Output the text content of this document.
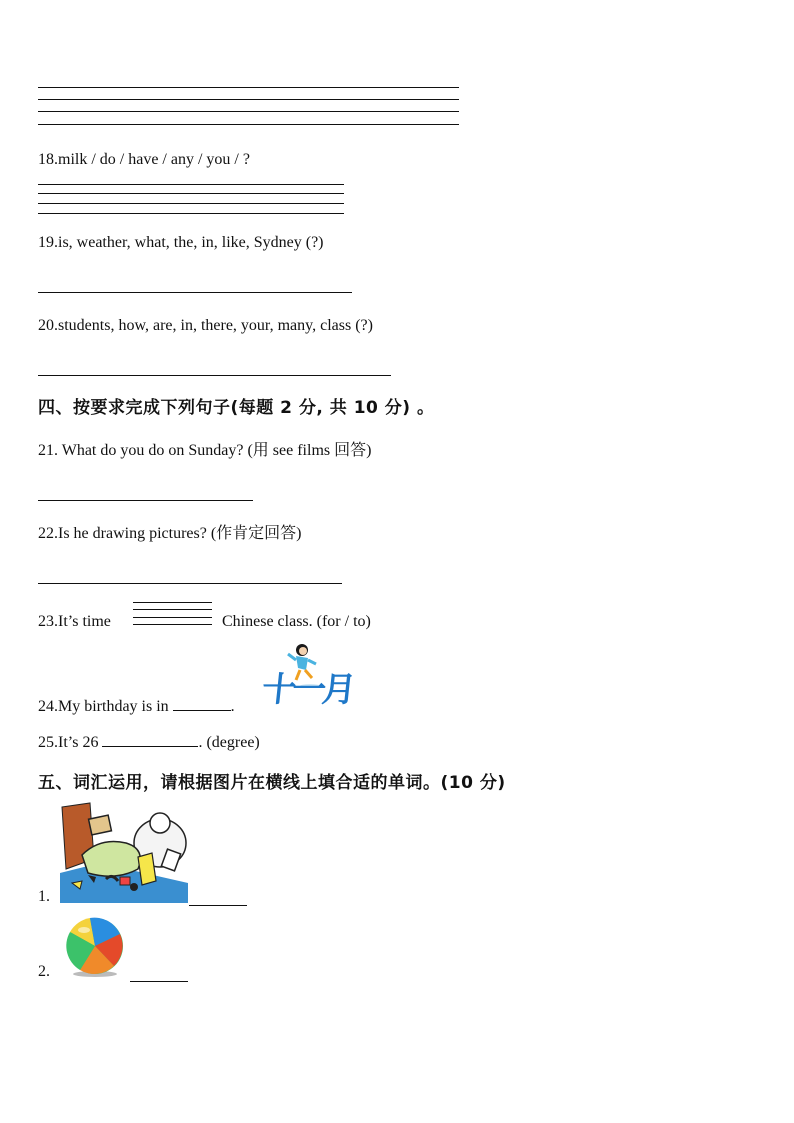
18.milk / do / have / any / you / ?
19.is, weather, what, the, in, like, Sydney (?)
20.students, how, are, in, there, your, many, class (?)
四、按要求完成下列句子(每题 2 分, 共 10 分) 。
21. What do you do on Sunday? (用 see films 回答)
22.Is he drawing pictures? (作肯定回答)
23.It’s time	Chinese class. (for / to)
24.My birthday is in	. 十一月
25.It’s 26	. (degree)
五、词汇运用，请根据图片在横线上填合适的单词。(10 分)
1.
2.
